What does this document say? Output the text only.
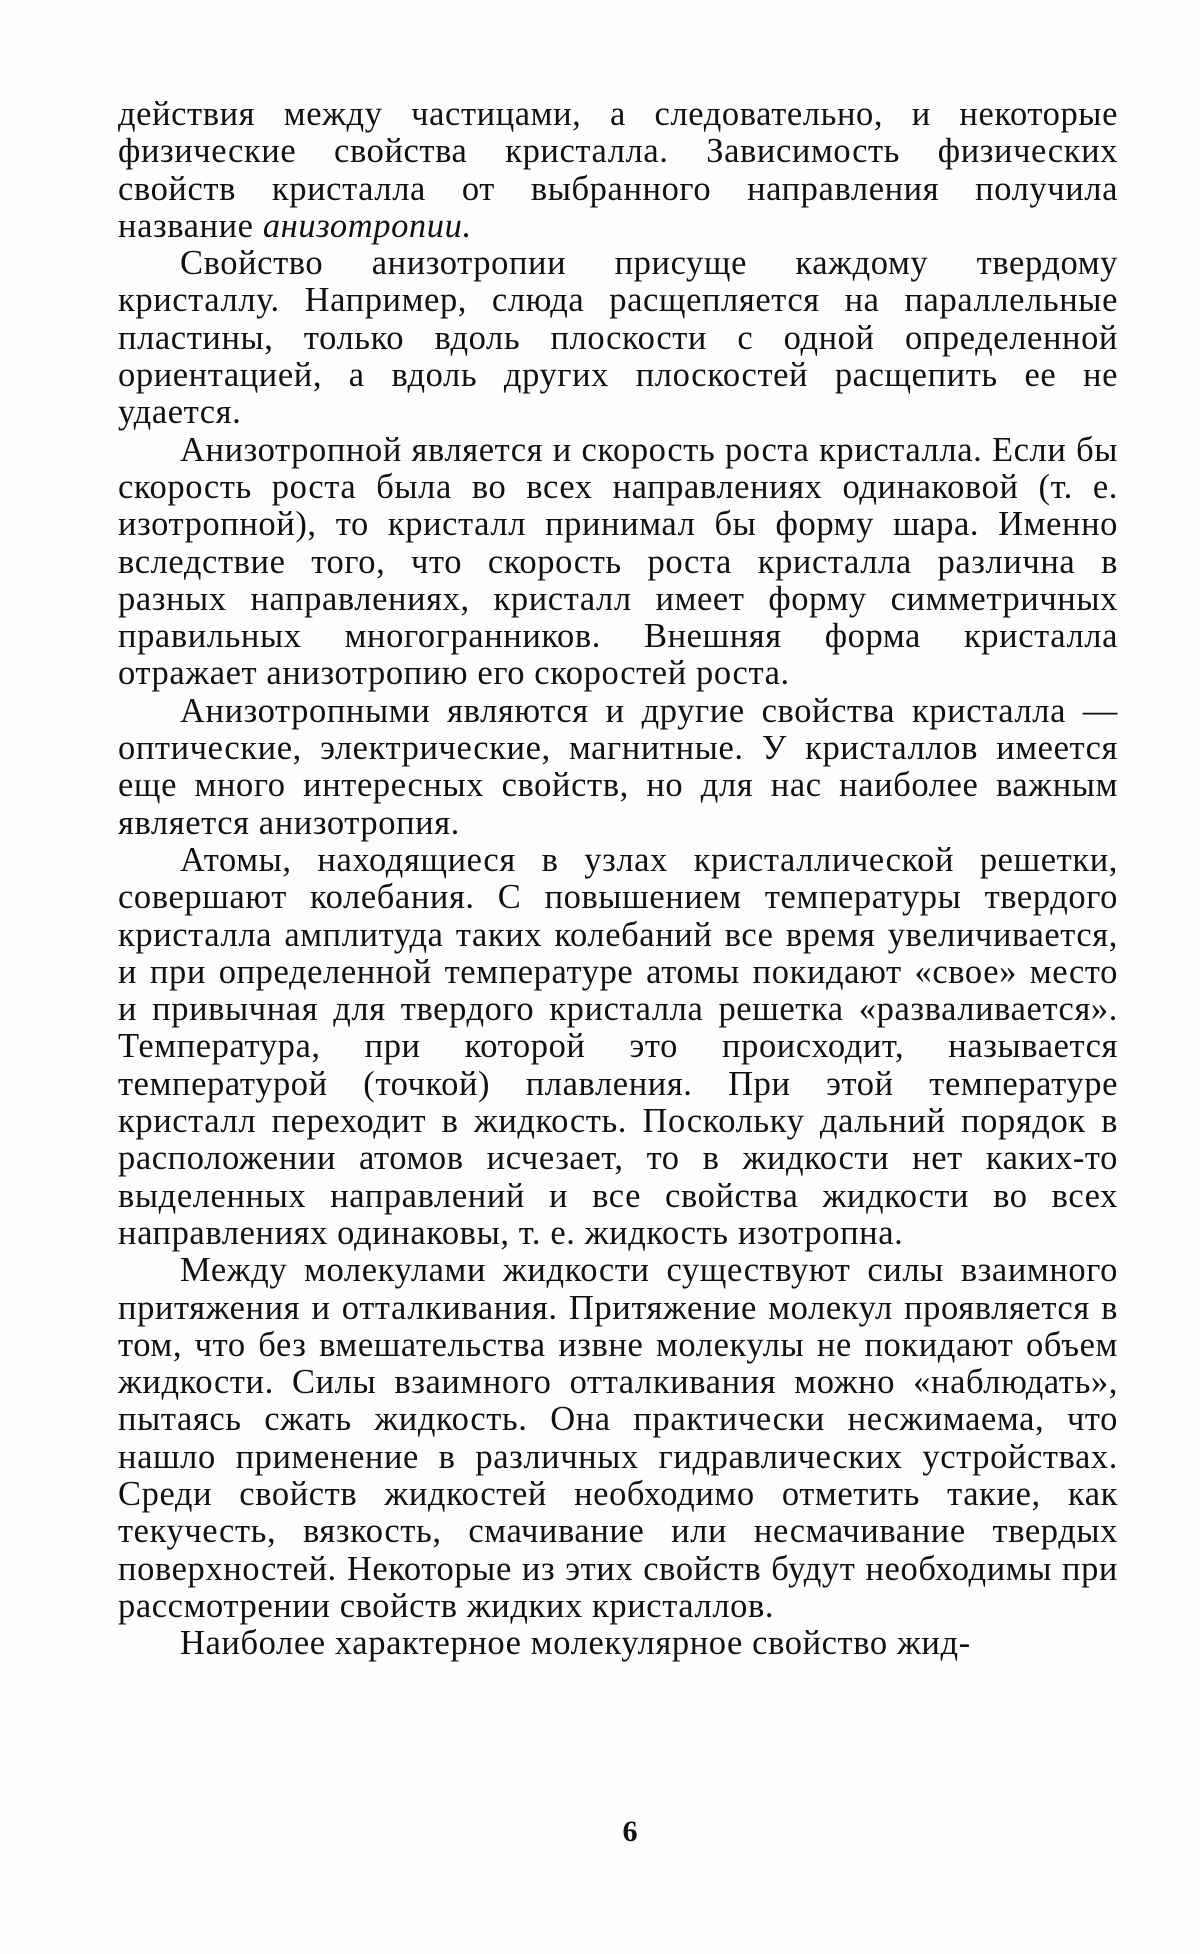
действия между частицами, а следовательно, и некоторые физические свойства кристалла. Зависимость физических свойств кристалла от выбранного направления получила название анизотропии.

Свойство анизотропии присуще каждому твердому кристаллу. Например, слюда расщепляется на параллельные пластины, только вдоль плоскости с одной определенной ориентацией, а вдоль других плоскостей расщепить ее не удается.

Анизотропной является и скорость роста кристалла. Если бы скорость роста была во всех направлениях одинаковой (т. е. изотропной), то кристалл принимал бы форму шара. Именно вследствие того, что скорость роста кристалла различна в разных направлениях, кристалл имеет форму симметричных правильных многогранников. Внешняя форма кристалла отражает анизотропию его скоростей роста.

Анизотропными являются и другие свойства кристалла — оптические, электрические, магнитные. У кристаллов имеется еще много интересных свойств, но для нас наиболее важным является анизотропия.

Атомы, находящиеся в узлах кристаллической решетки, совершают колебания. С повышением температуры твердого кристалла амплитуда таких колебаний все время увеличивается, и при определенной температуре атомы покидают «свое» место и привычная для твердого кристалла решетка «разваливается». Температура, при которой это происходит, называется температурой (точкой) плавления. При этой температуре кристалл переходит в жидкость. Поскольку дальний порядок в расположении атомов исчезает, то в жидкости нет каких-то выделенных направлений и все свойства жидкости во всех направлениях одинаковы, т. е. жидкость изотропна.

Между молекулами жидкости существуют силы взаимного притяжения и отталкивания. Притяжение молекул проявляется в том, что без вмешательства извне молекулы не покидают объем жидкости. Силы взаимного отталкивания можно «наблюдать», пытаясь сжать жидкость. Она практически несжимаема, что нашло применение в различных гидравлических устройствах. Среди свойств жидкостей необходимо отметить такие, как текучесть, вязкость, смачивание или несмачивание твердых поверхностей. Некоторые из этих свойств будут необходимы при рассмотрении свойств жидких кристаллов.

Наиболее характерное молекулярное свойство жид-

6
